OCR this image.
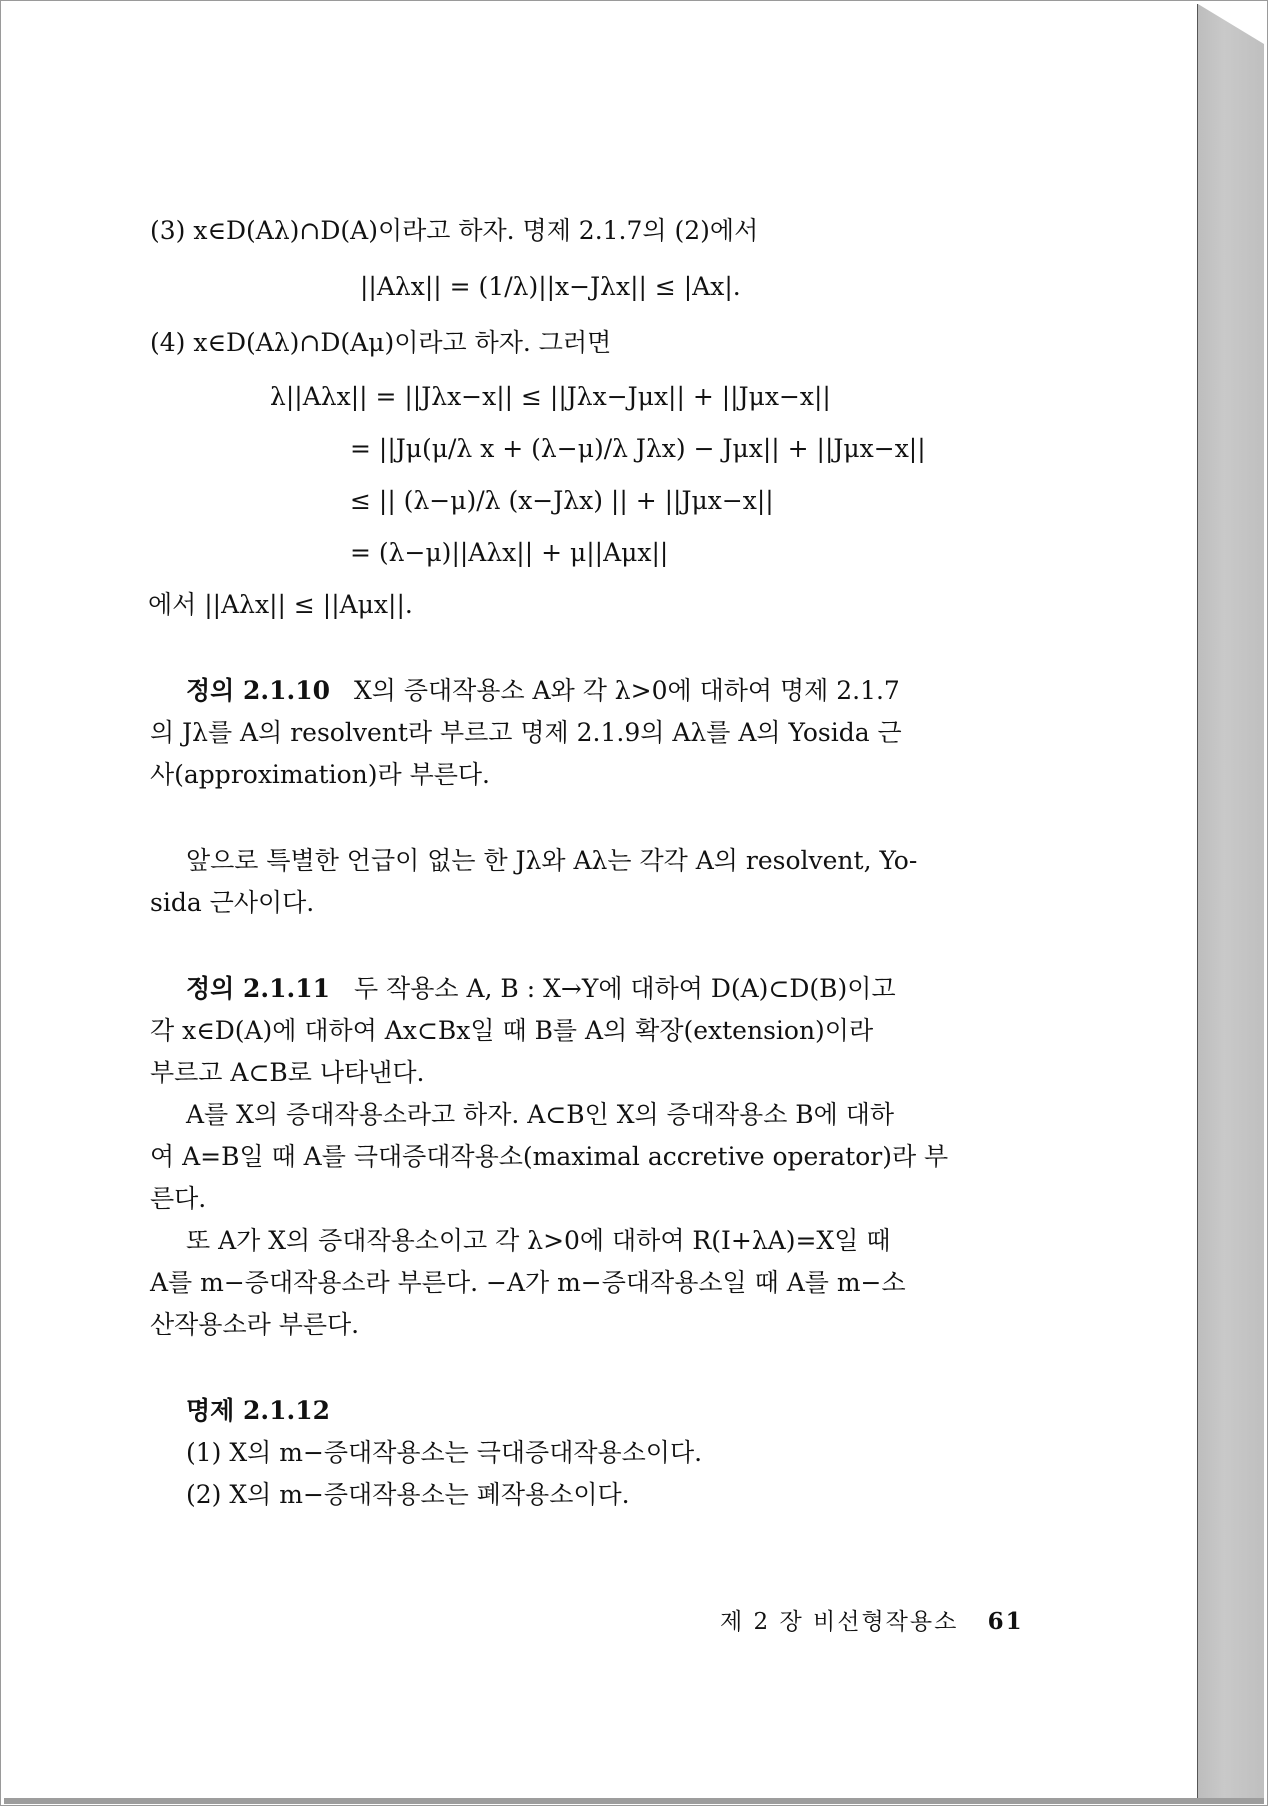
(3) x∈D(Aλ)∩D(A)이라고 하자. 명제 2.1.7의 (2)에서
||Aλx|| = (1/λ)||x−Jλx|| ≤ |Ax|.
(4) x∈D(Aλ)∩D(Aμ)이라고 하자. 그러면
λ||Aλx|| = ||Jλx−x|| ≤ ||Jλx−Jμx|| + ||Jμx−x||
= ||Jμ(μ/λ x + (λ−μ)/λ Jλx) − Jμx|| + ||Jμx−x||
≤ || (λ−μ)/λ (x−Jλx) || + ||Jμx−x||
= (λ−μ)||Aλx|| + μ||Aμx||
에서 ||Aλx|| ≤ ||Aμx||.
정의 2.1.10 X의 증대작용소 A와 각 λ>0에 대하여 명제 2.1.7
의 Jλ를 A의 resolvent라 부르고 명제 2.1.9의 Aλ를 A의 Yosida 근
사(approximation)라 부른다.
앞으로 특별한 언급이 없는 한 Jλ와 Aλ는 각각 A의 resolvent, Yo-
sida 근사이다.
정의 2.1.11 두 작용소 A, B : X→Y에 대하여 D(A)⊂D(B)이고
각 x∈D(A)에 대하여 Ax⊂Bx일 때 B를 A의 확장(extension)이라
부르고 A⊂B로 나타낸다.
A를 X의 증대작용소라고 하자. A⊂B인 X의 증대작용소 B에 대하
여 A=B일 때 A를 극대증대작용소(maximal accretive operator)라 부
른다.
또 A가 X의 증대작용소이고 각 λ>0에 대하여 R(I+λA)=X일 때
A를 m−증대작용소라 부른다. −A가 m−증대작용소일 때 A를 m−소
산작용소라 부른다.
명제 2.1.12
(1) X의 m−증대작용소는 극대증대작용소이다.
(2) X의 m−증대작용소는 폐작용소이다.
제 2 장 비선형작용소 61
